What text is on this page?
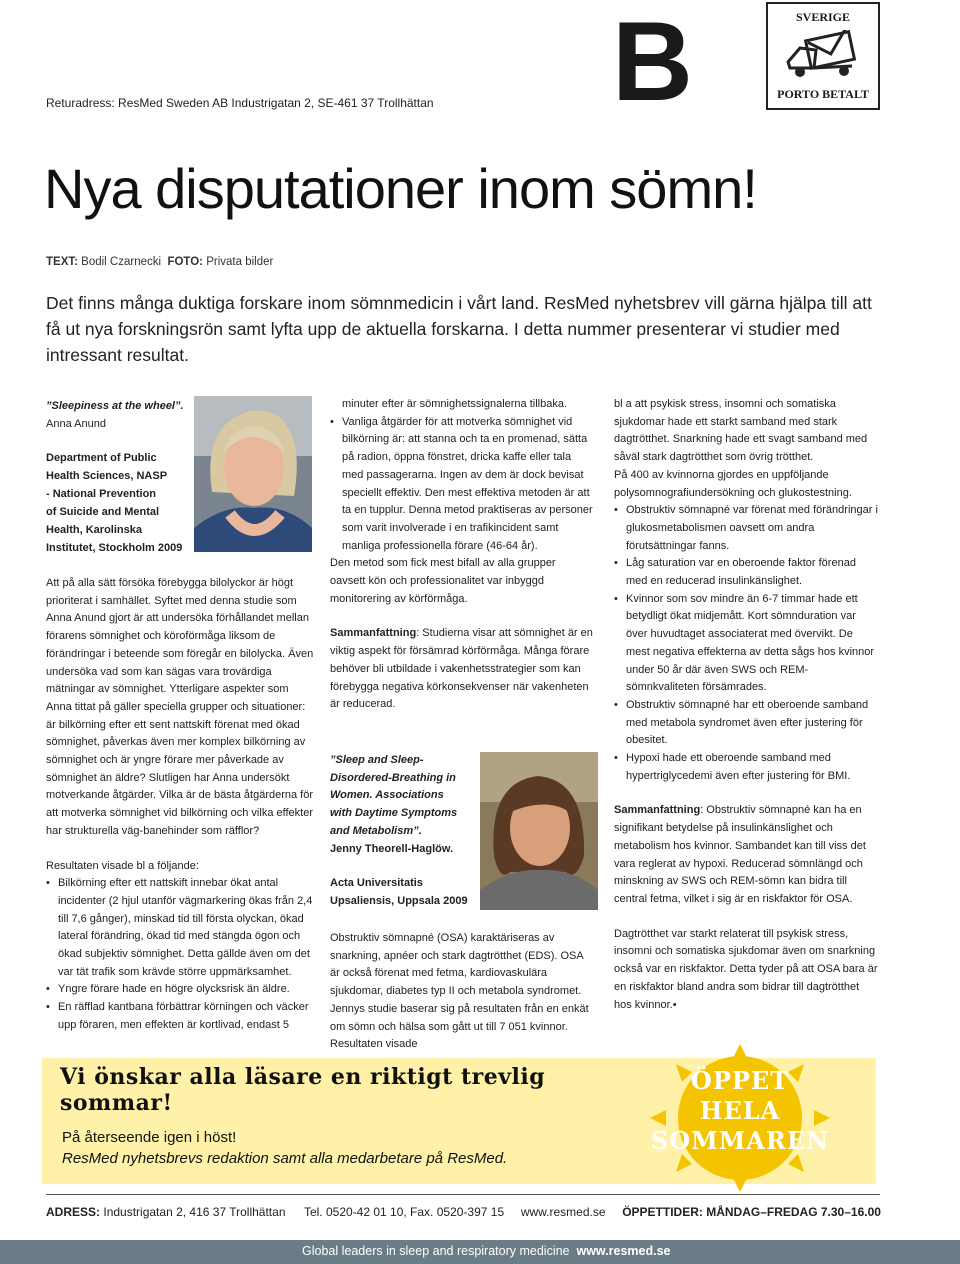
Returadress: ResMed Sweden AB Industrigatan 2, SE-461 37 Trollhättan B	SVERIGE
PORTO BETALT
Nya disputationer inom sömn!
TEXT: Bodil Czarnecki FOTO: Privata bilder
Det finns många duktiga forskare inom sömnmedicin i vårt land. ResMed nyhetsbrev vill gärna hjälpa till att få ut nya forskningsrön samt lyfta upp de aktuella forskarna. I detta nummer presenterar vi studier med intressant resultat.
”Sleepiness at the wheel”.
Anna Anund
Department of Public
Health Sciences, NASP
- National Prevention
of Suicide and Mental
Health, Karolinska
Institutet, Stockholm 2009

Att på alla sätt försöka förebygga bilolyckor är högt prioriterat i samhället. Syftet med denna studie som Anna Anund gjort är att undersöka förhållandet mellan förarens sömnighet och köroförmåga liksom de förändringar i beteende som föregår en bilolycka. Även undersöka vad som kan sägas vara trovärdiga mätningar av sömnighet. Ytterligare aspekter som Anna tittat på gäller speciella grupper och situationer: är bilkörning efter ett sent nattskift förenat med ökad sömnighet, påverkas även mer komplex bilkörning av sömnighet och är yngre förare mer påverkade av sömnighet än äldre? Slutligen har Anna undersökt motverkande åtgärder. Vilka är de bästa åtgärderna för att motverka sömnighet vid bilkörning och vilka effekter har strukturella väg-banehinder som räfflor?

Resultaten visade bl a följande:

• Bilkörning efter ett nattskift innebar ökat antal incidenter (2 hjul utanför vägmarkering ökas från 2,4 till 7,6 gånger), minskad tid till första olyckan, ökad lateral förändring, ökad tid med stängda ögon och ökad subjektiv sömnighet. Detta gällde även om det var tät trafik som krävde större uppmärksamhet.
• Yngre förare hade en högre olycksrisk än äldre.
• En räfflad kantbana förbättrar körningen och väcker upp föraren, men effekten är kortlivad, endast 5

minuter efter är sömnighetssignalerna tillbaka.

• Vanliga åtgärder för att motverka sömnighet vid bilkörning är: att stanna och ta en promenad, sätta på radion, öppna fönstret, dricka kaffe eller tala med passagerarna. Ingen av dem är dock bevisat speciellt effektiv. Den mest effektiva metoden är att ta en tupplur. Denna metod praktiseras av personer som varit involverade i en trafikincident samt manliga professionella förare (46-64 år).

Den metod som fick mest bifall av alla grupper oavsett kön och professionalitet var inbyggd monitorering av körförmåga.

Sammanfattning: Studierna visar att sömnighet är en viktig aspekt för försämrad körförmåga. Många förare behöver bli utbildade i vakenhetsstrategier som kan förebygga negativa körkonsekvenser när vakenheten är reducerad.

”Sleep and Sleep-
Disordered-Breathing in
Women. Associations
with Daytime Symptoms
and Metabolism”.
Jenny Theorell-Haglöw.
Acta Universitatis
Upsaliensis, Uppsala 2009

Obstruktiv sömnapné (OSA) karaktäriseras av snarkning, apnéer och stark dagtrötthet (EDS). OSA är också förenat med fetma, kardiovaskulära sjukdomar, diabetes typ II och metabola syndromet. Jennys studie baserar sig på resultaten från en enkät om sömn och hälsa som gått ut till 7 051 kvinnor. Resultaten visade

bl a att psykisk stress, insomni och somatiska sjukdomar hade ett starkt samband med stark dagtrötthet. Snarkning hade ett svagt samband med såväl stark dagtrötthet som övrig trötthet.

På 400 av kvinnorna gjordes en uppföljande polysomnografiundersökning och glukostestning.

• Obstruktiv sömnapné var förenat med förändringar i glukosmetabolismen oavsett om andra förutsättningar fanns.
• Låg saturation var en oberoende faktor förenad med en reducerad insulinkänslighet.
• Kvinnor som sov mindre än 6-7 timmar hade ett betydligt ökat midjemått. Kort sömnduration var över huvudtaget associaterat med övervikt. De mest negativa effekterna av detta sågs hos kvinnor under 50 år där även SWS och REM-sömnkvaliteten försämrades.
• Obstruktiv sömnapné har ett oberoende samband med metabola syndromet även efter justering för obesitet.
• Hypoxi hade ett oberoende samband med hypertriglycedemi även efter justering för BMI.

Sammanfattning: Obstruktiv sömnapné kan ha en signifikant betydelse på insulinkänslighet och metabolism hos kvinnor. Sambandet kan till viss det vara reglerat av hypoxi. Reducerad sömnlängd och minskning av SWS och REM-sömn kan bidra till central fetma, vilket i sig är en riskfaktor för OSA.

Dagtrötthet var starkt relaterat till psykisk stress, insomni och somatiska sjukdomar även om snarkning också var en riskfaktor. Detta tyder på att OSA bara är en riskfaktor bland andra som bidrar till dagtrötthet hos kvinnor.•

Vi önskar alla läsare en riktigt trevlig sommar!
På återseende igen i höst!
ResMed nyhetsbrevs redaktion samt alla medarbetare på ResMed.
ÖPPET
HELA
SOMMAREN
ADRESS: Industrigatan 2, 416 37 Trollhättan Tel. 0520-42 01 10, Fax. 0520-397 15 www.resmed.se ÖPPETTIDER: MÅNDAG–FREDAG 7.30–16.00
Global leaders in sleep and respiratory medicine www.resmed.se
